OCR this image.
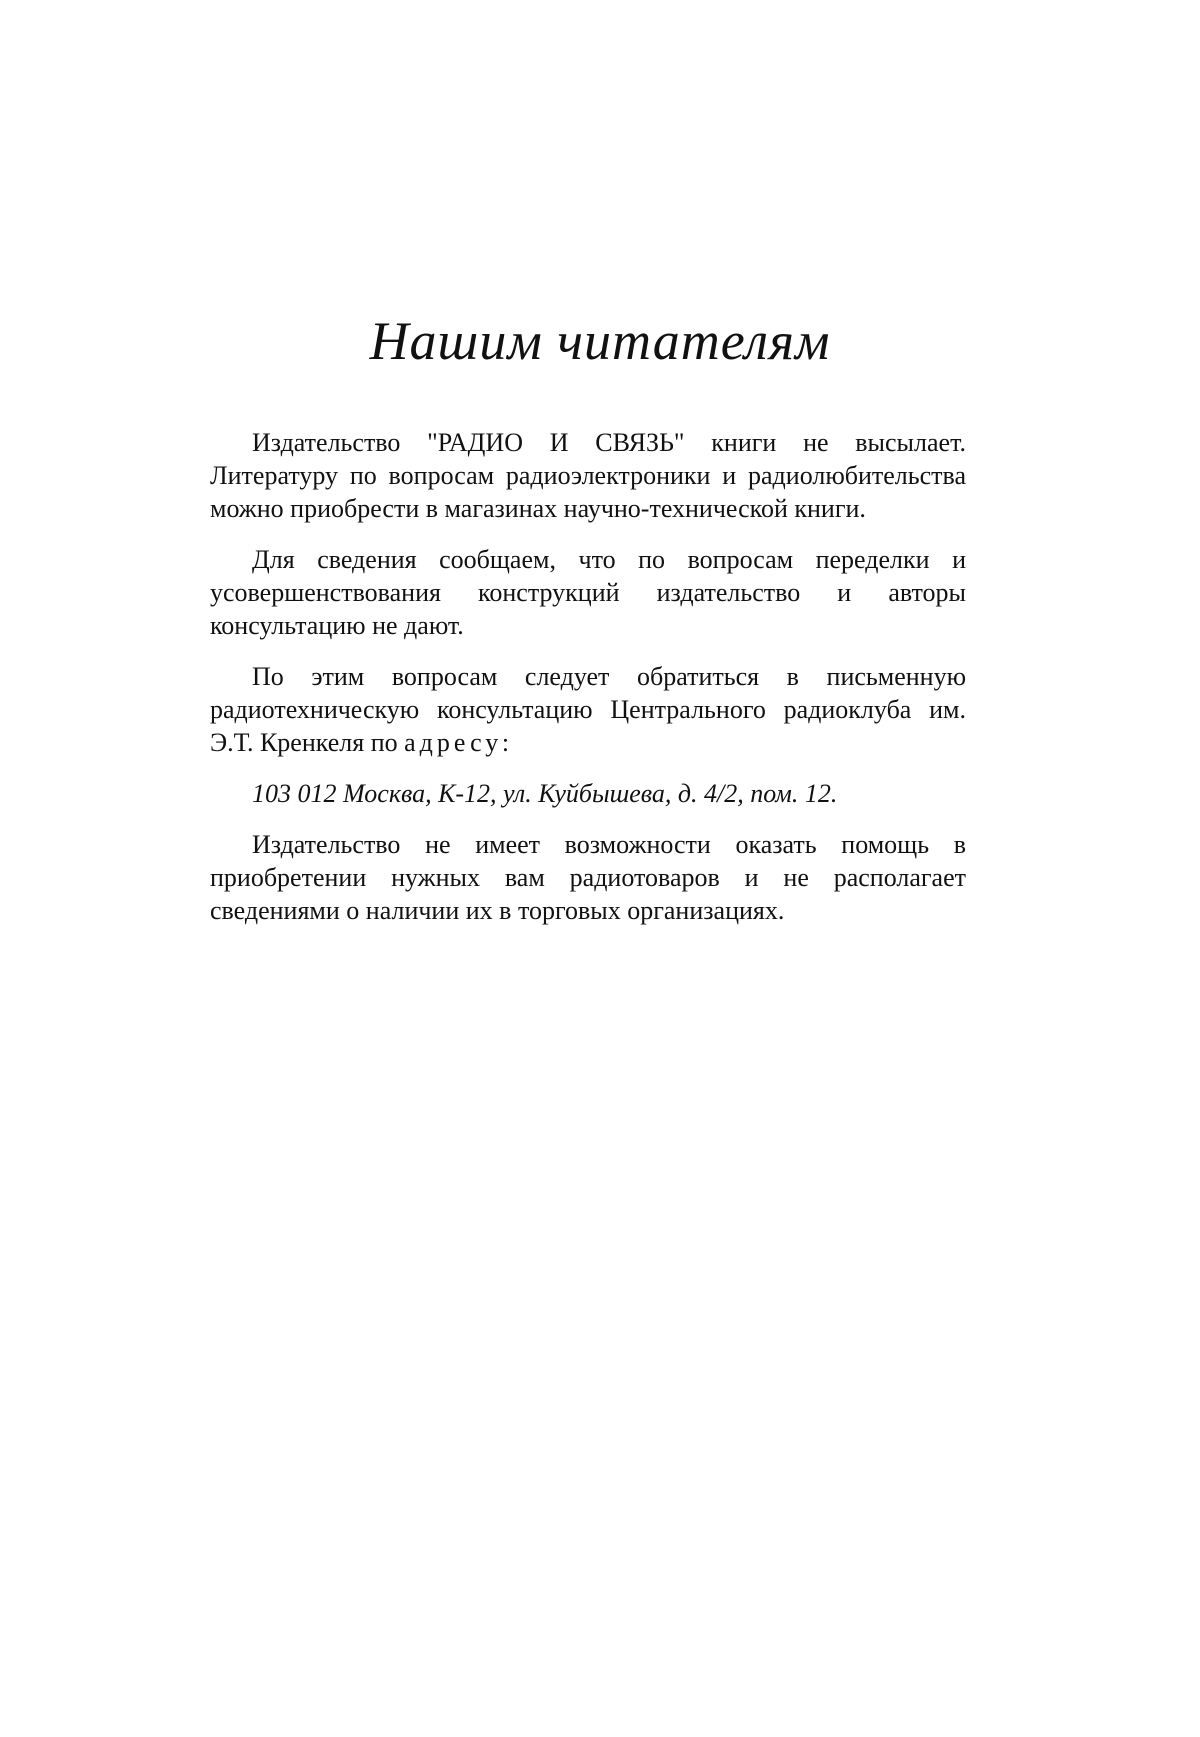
Нашим читателям

Издательство "РАДИО И СВЯЗЬ" книги не высылает. Литературу по вопросам радиоэлектроники и радиолюбительства можно приобрести в магазинах научно-технической книги.

Для сведения сообщаем, что по вопросам переделки и усовершенствования конструкций издательство и авторы консультацию не дают.

По этим вопросам следует обратиться в письменную радиотехническую консультацию Центрального радиоклуба им. Э.Т. Кренкеля по адресу:

103 012 Москва, К-12, ул. Куйбышева, д. 4/2, пом. 12.

Издательство не имеет возможности оказать помощь в приобретении нужных вам радиотоваров и не располагает сведениями о наличии их в торговых организациях.
